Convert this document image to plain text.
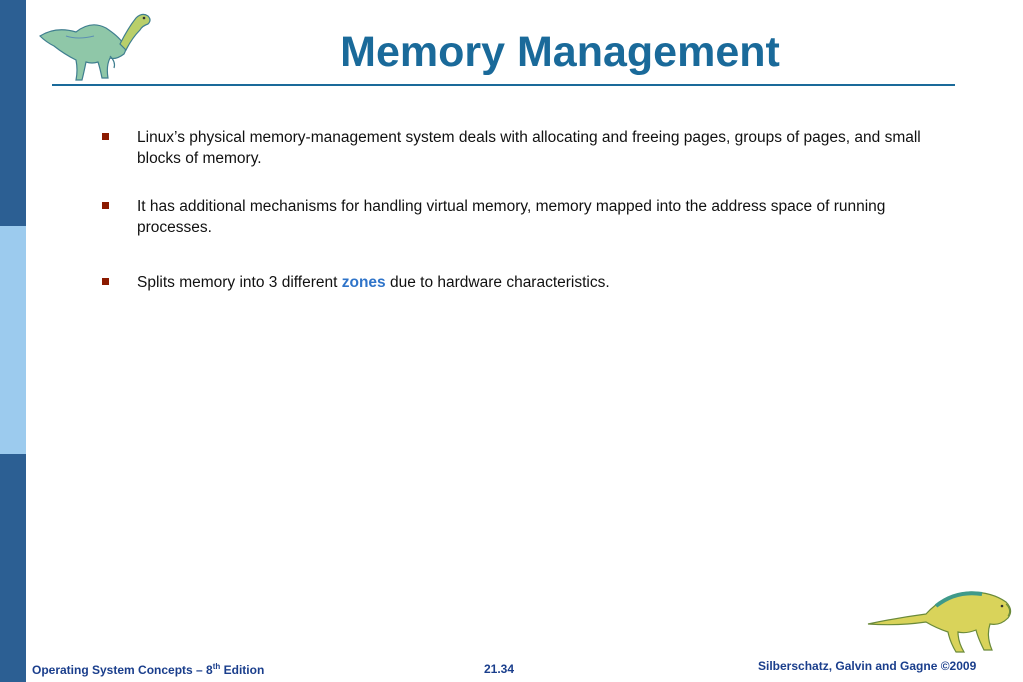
Memory Management
Linux’s physical memory-management system deals with allocating and freeing pages, groups of pages, and small blocks of memory.
It has additional mechanisms for handling virtual memory, memory mapped into the address space of running processes.
Splits memory into 3 different zones due to hardware characteristics.
Operating System Concepts – 8th Edition	21.34	Silberschatz, Galvin and Gagne ©2009
